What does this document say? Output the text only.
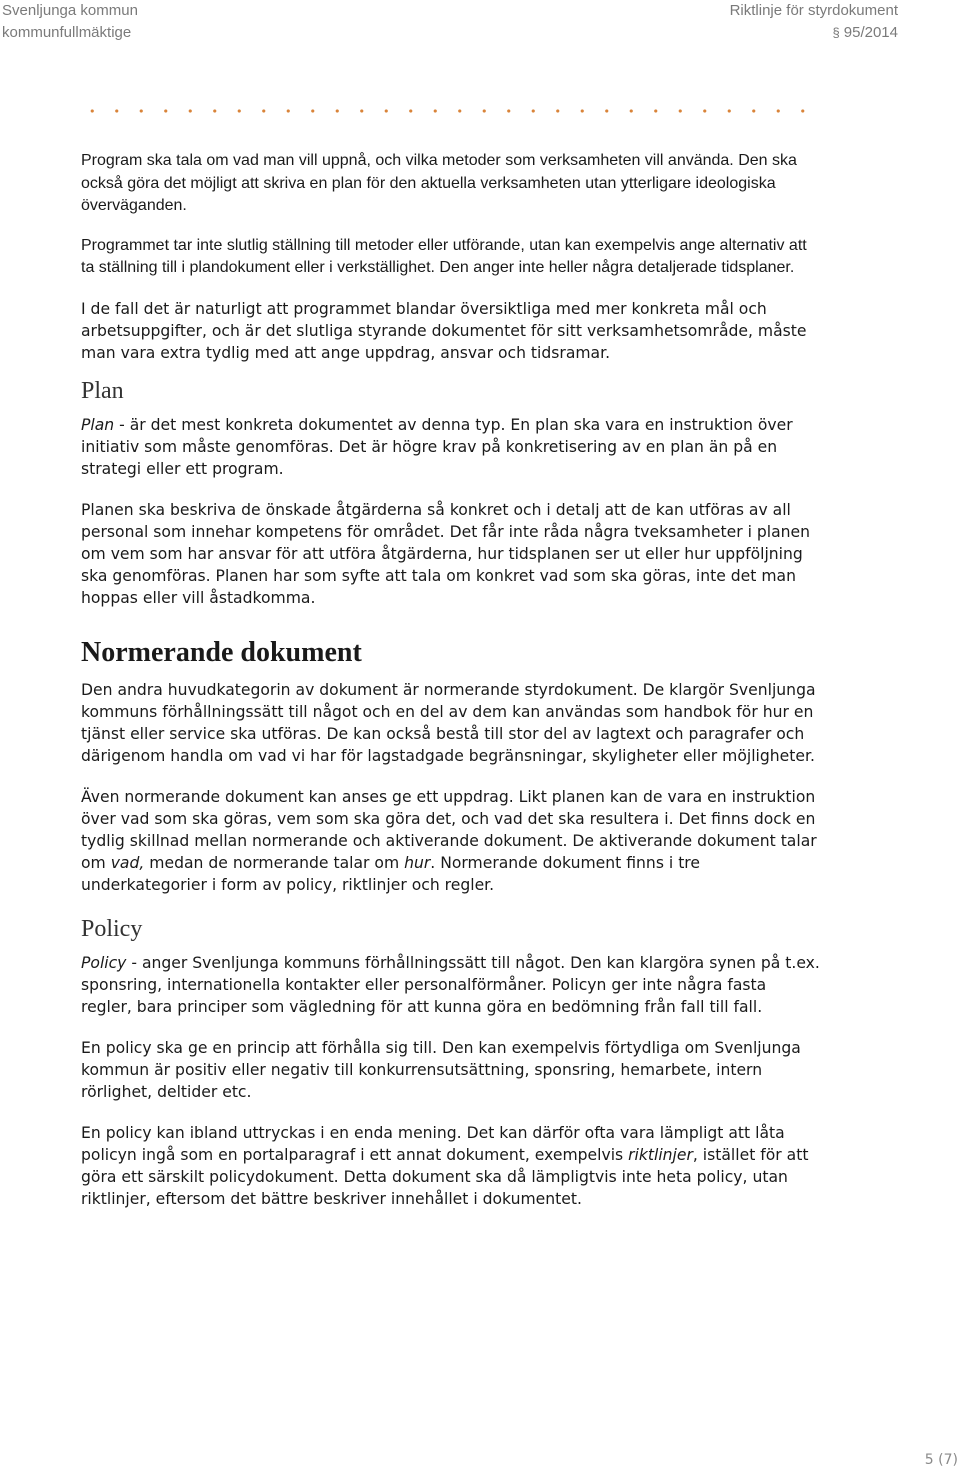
Svenljunga kommun
kommunfullmäktige
Riktlinje för styrdokument
§ 95/2014

Program ska tala om vad man vill uppnå, och vilka metoder som verksamheten vill använda. Den ska också göra det möjligt att skriva en plan för den aktuella verksamheten utan ytterligare ideologiska överväganden.

Programmet tar inte slutlig ställning till metoder eller utförande, utan kan exempelvis ange alternativ att ta ställning till i plandokument eller i verkställighet. Den anger inte heller några detaljerade tidsplaner.

I de fall det är naturligt att programmet blandar översiktliga med mer konkreta mål och arbetsuppgifter, och är det slutliga styrande dokumentet för sitt verksamhetsområde, måste man vara extra tydlig med att ange uppdrag, ansvar och tidsramar.

Plan

Plan - är det mest konkreta dokumentet av denna typ. En plan ska vara en instruktion över initiativ som måste genomföras. Det är högre krav på konkretisering av en plan än på en strategi eller ett program.

Planen ska beskriva de önskade åtgärderna så konkret och i detalj att de kan utföras av all personal som innehar kompetens för området. Det får inte råda några tveksamheter i planen om vem som har ansvar för att utföra åtgärderna, hur tidsplanen ser ut eller hur uppföljning ska genomföras. Planen har som syfte att tala om konkret vad som ska göras, inte det man hoppas eller vill åstadkomma.

Normerande dokument

Den andra huvudkategorin av dokument är normerande styrdokument. De klargör Svenljunga kommuns förhållningssätt till något och en del av dem kan användas som handbok för hur en tjänst eller service ska utföras. De kan också bestå till stor del av lagtext och paragrafer och därigenom handla om vad vi har för lagstadgade begränsningar, skyligheter eller möjligheter.

Även normerande dokument kan anses ge ett uppdrag. Likt planen kan de vara en instruktion över vad som ska göras, vem som ska göra det, och vad det ska resultera i. Det finns dock en tydlig skillnad mellan normerande och aktiverande dokument. De aktiverande dokument talar om vad, medan de normerande talar om hur. Normerande dokument finns i tre underkategorier i form av policy, riktlinjer och regler.

Policy

Policy - anger Svenljunga kommuns förhållningssätt till något. Den kan klargöra synen på t.ex. sponsring, internationella kontakter eller personalförmåner. Policyn ger inte några fasta regler, bara principer som vägledning för att kunna göra en bedömning från fall till fall.

En policy ska ge en princip att förhålla sig till. Den kan exempelvis förtydliga om Svenljunga kommun är positiv eller negativ till konkurrensutsättning, sponsring, hemarbete, intern rörlighet, deltider etc.

En policy kan ibland uttryckas i en enda mening. Det kan därför ofta vara lämpligt att låta policyn ingå som en portalparagraf i ett annat dokument, exempelvis riktlinjer, istället för att göra ett särskilt policydokument. Detta dokument ska då lämpligtvis inte heta policy, utan riktlinjer, eftersom det bättre beskriver innehållet i dokumentet.

5 (7)
